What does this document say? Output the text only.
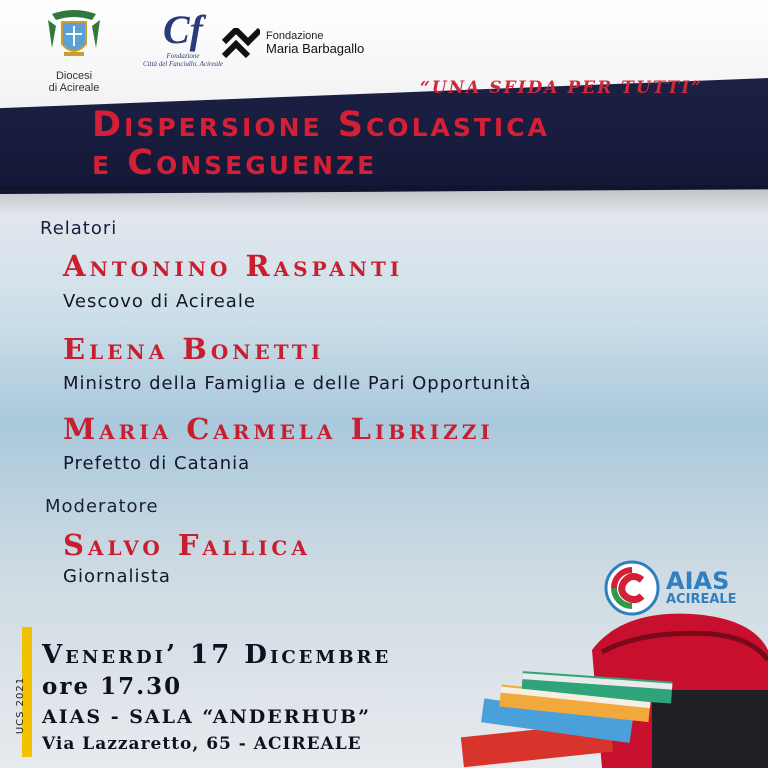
Diocesi
di Acireale
Cf
Fondazione
Città del Fanciullo. Acireale
Fondazione
Maria Barbagallo
“UNA SFIDA PER TUTTI”
Dispersione Scolastica
e Conseguenze
Relatori
Antonino Raspanti
Vescovo di Acireale
Elena Bonetti
Ministro della Famiglia e delle Pari Opportunità
Maria Carmela Librizzi
Prefetto di Catania
Moderatore
Salvo Fallica
Giornalista	AIAS
ACIREALE
UCS 2021
Venerdi’ 17 Dicembre
ore 17.30
AIAS - SALA “ANDERHUB”
Via Lazzaretto, 65 - ACIREALE
